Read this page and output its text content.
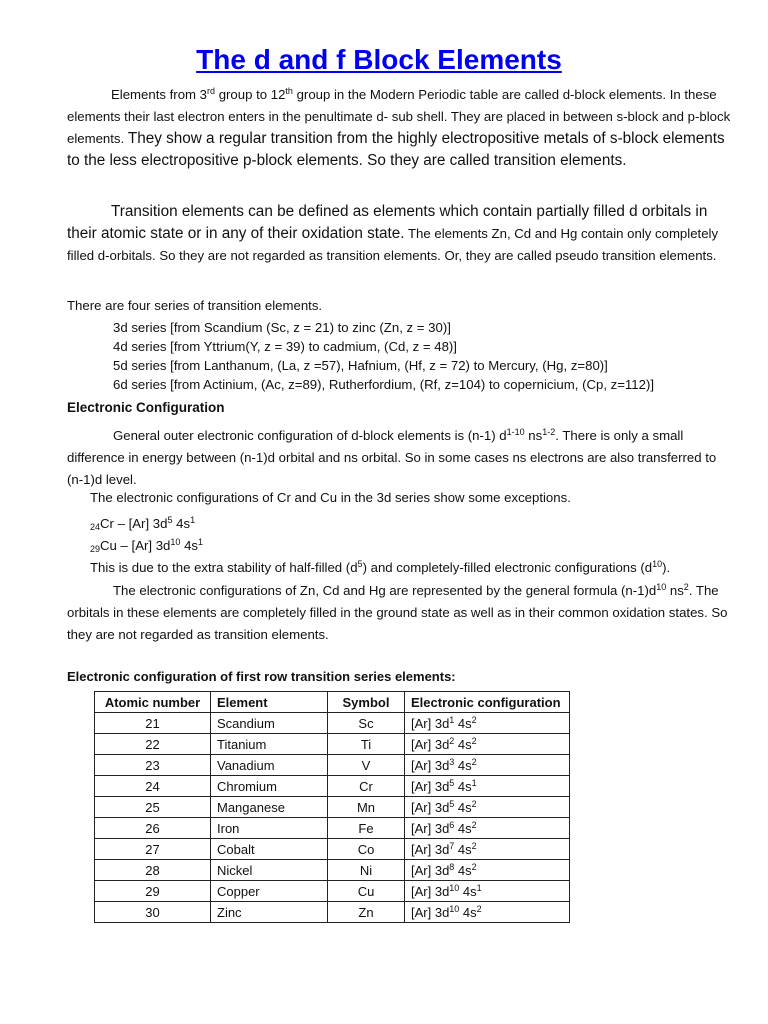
The d and f Block Elements
Elements from 3rd group to 12th group in the Modern Periodic table are called d-block elements. In these elements their last electron enters in the penultimate d- sub shell. They are placed in between s-block and p-block elements. They show a regular transition from the highly electropositive metals of s-block elements to the less electropositive p-block elements. So they are called transition elements.
Transition elements can be defined as elements which contain partially filled d orbitals in their atomic state or in any of their oxidation state. The elements Zn, Cd and Hg contain only completely filled d-orbitals. So they are not regarded as transition elements. Or, they are called pseudo transition elements.
There are four series of transition elements.
3d series [from Scandium (Sc, z = 21) to zinc (Zn, z = 30)]
4d series [from Yttrium(Y, z = 39) to cadmium, (Cd, z = 48)]
5d series [from Lanthanum, (La, z =57), Hafnium, (Hf, z = 72) to Mercury, (Hg, z=80)]
6d series [from Actinium, (Ac, z=89), Rutherfordium, (Rf, z=104) to copernicium, (Cp, z=112)]
Electronic Configuration
General outer electronic configuration of d-block elements is (n-1) $d^{1-10}$ $ns^{1-2}$. There is only a small difference in energy between (n-1)d orbital and ns orbital. So in some cases ns electrons are also transferred to (n-1)d level.
The electronic configurations of Cr and Cu in the 3d series show some exceptions.
$_{24}$Cr – [Ar] $3d^5$ $4s^1$
$_{29}$Cu – [Ar] $3d^{10}$ $4s^1$
This is due to the extra stability of half-filled $(d^5)$ and completely-filled electronic configurations $(d^{10})$.
The electronic configurations of Zn, Cd and Hg are represented by the general formula $(n-1)d^{10}$ $ns^2$. The orbitals in these elements are completely filled in the ground state as well as in their common oxidation states. So they are not regarded as transition elements.
Electronic configuration of first row transition series elements:
Atomic number	Element	Symbol	Electronic configuration
21	Scandium	Sc	[Ar] $3d^1$ $4s^2$
22	Titanium	Ti	[Ar] $3d^2$ $4s^2$
23	Vanadium	V	[Ar] $3d^3$ $4s^2$
24	Chromium	Cr	[Ar] $3d^5$ $4s^1$
25	Manganese	Mn	[Ar] $3d^5$ $4s^2$
26	Iron	Fe	[Ar] $3d^6$ $4s^2$
27	Cobalt	Co	[Ar] $3d^7$ $4s^2$
28	Nickel	Ni	[Ar] $3d^8$ $4s^2$
29	Copper	Cu	[Ar] $3d^{10}$ $4s^1$
30	Zinc	Zn	[Ar] $3d^{10}$ $4s^2$
